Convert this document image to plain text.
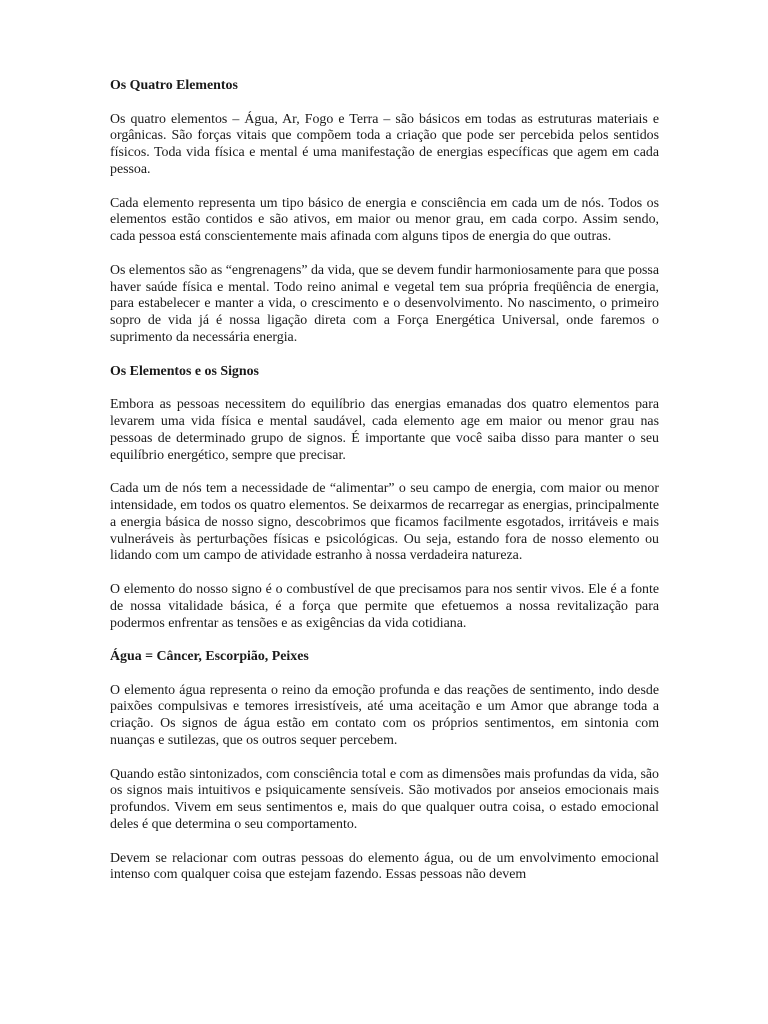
Os Quatro Elementos

Os quatro elementos – Água, Ar, Fogo e Terra – são básicos em todas as estruturas materiais e orgânicas. São forças vitais que compõem toda a criação que pode ser percebida pelos sentidos físicos. Toda vida física e mental é uma manifestação de energias específicas que agem em cada pessoa.

Cada elemento representa um tipo básico de energia e consciência em cada um de nós. Todos os elementos estão contidos e são ativos, em maior ou menor grau, em cada corpo. Assim sendo, cada pessoa está conscientemente mais afinada com alguns tipos de energia do que outras.

Os elementos são as “engrenagens” da vida, que se devem fundir harmoniosamente para que possa haver saúde física e mental. Todo reino animal e vegetal tem sua própria freqüência de energia, para estabelecer e manter a vida, o crescimento e o desenvolvimento. No nascimento, o primeiro sopro de vida já é nossa ligação direta com a Força Energética Universal, onde faremos o suprimento da necessária energia.

Os Elementos e os Signos

Embora as pessoas necessitem do equilíbrio das energias emanadas dos quatro elementos para levarem uma vida física e mental saudável, cada elemento age em maior ou menor grau nas pessoas de determinado grupo de signos. É importante que você saiba disso para manter o seu equilíbrio energético, sempre que precisar.

Cada um de nós tem a necessidade de “alimentar” o seu campo de energia, com maior ou menor intensidade, em todos os quatro elementos. Se deixarmos de recarregar as energias, principalmente a energia básica de nosso signo, descobrimos que ficamos facilmente esgotados, irritáveis e mais vulneráveis às perturbações físicas e psicológicas. Ou seja, estando fora de nosso elemento ou lidando com um campo de atividade estranho à nossa verdadeira natureza.

O elemento do nosso signo é o combustível de que precisamos para nos sentir vivos. Ele é a fonte de nossa vitalidade básica, é a força que permite que efetuemos a nossa revitalização para podermos enfrentar as tensões e as exigências da vida cotidiana.

Água = Câncer, Escorpião, Peixes

O elemento água representa o reino da emoção profunda e das reações de sentimento, indo desde paixões compulsivas e temores irresistíveis, até uma aceitação e um Amor que abrange toda a criação. Os signos de água estão em contato com os próprios sentimentos, em sintonia com nuanças e sutilezas, que os outros sequer percebem.

Quando estão sintonizados, com consciência total e com as dimensões mais profundas da vida, são os signos mais intuitivos e psiquicamente sensíveis. São motivados por anseios emocionais mais profundos. Vivem em seus sentimentos e, mais do que qualquer outra coisa, o estado emocional deles é que determina o seu comportamento.

Devem se relacionar com outras pessoas do elemento água, ou de um envolvimento emocional intenso com qualquer coisa que estejam fazendo. Essas pessoas não devem
